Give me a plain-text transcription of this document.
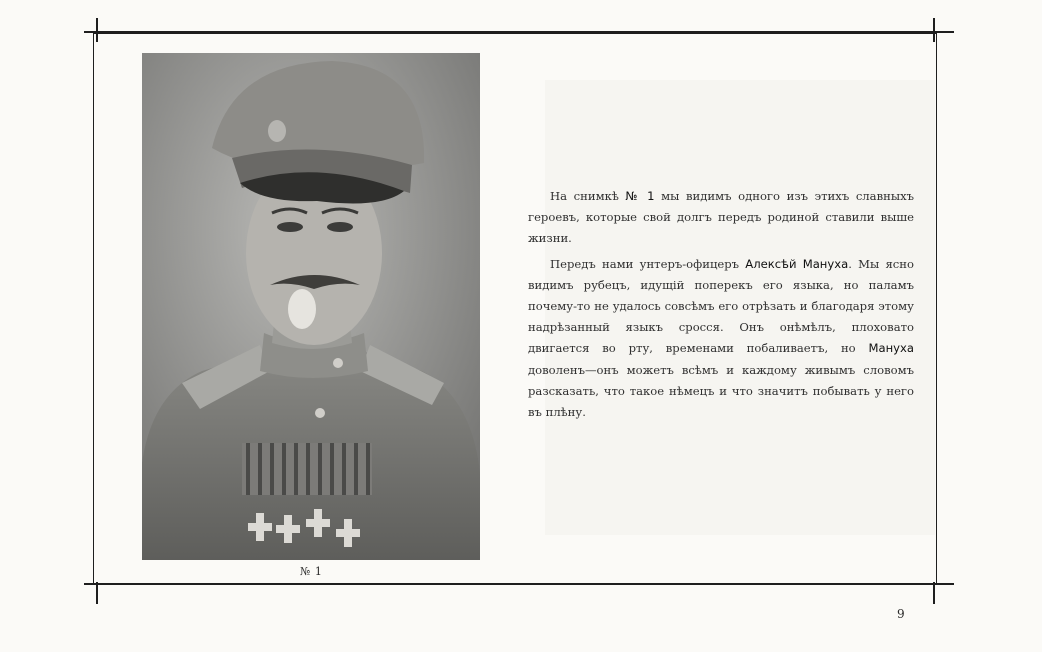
№ 1

На снимкѣ № 1 мы видимъ одного изъ этихъ славныхъ героевъ, которые свой долгъ передъ родиной ставили выше жизни.

Передъ нами унтеръ-офицеръ Алексѣй Мануха. Мы ясно видимъ рубецъ, идущій поперекъ его языка, но паламъ почему-то не удалось совсѣмъ его отрѣзать и благодаря этому надрѣзанный языкъ сросся. Онъ онѣмѣлъ, плоховато двигается во рту, временами побаливаетъ, но Мануха доволенъ—онъ можетъ всѣмъ и каждому живымъ словомъ разсказать, что такое нѣмецъ и что значитъ побывать у него въ плѣну.

9
